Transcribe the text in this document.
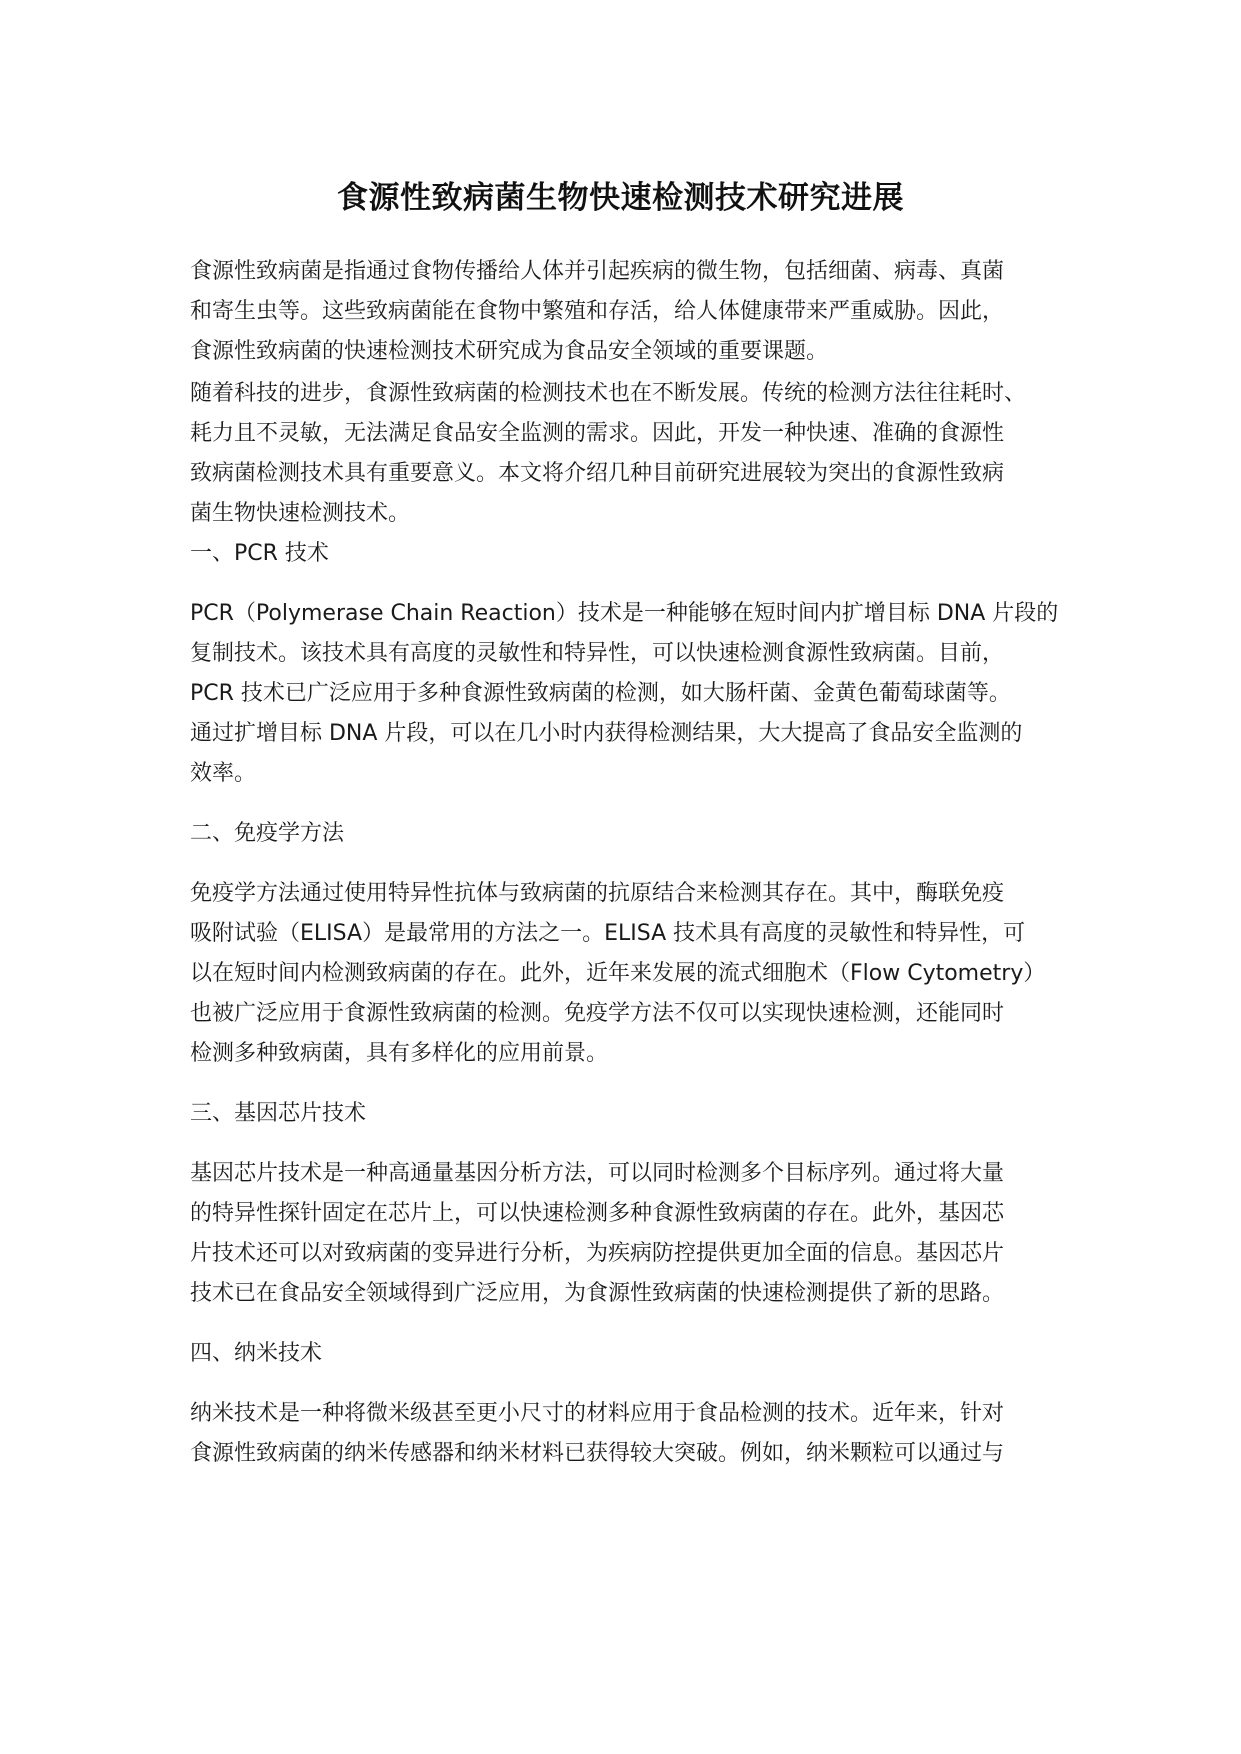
食源性致病菌生物快速检测技术研究进展
食源性致病菌是指通过食物传播给人体并引起疾病的微生物，包括细菌、病毒、真菌
和寄生虫等。这些致病菌能在食物中繁殖和存活，给人体健康带来严重威胁。因此，
食源性致病菌的快速检测技术研究成为食品安全领域的重要课题。
随着科技的进步，食源性致病菌的检测技术也在不断发展。传统的检测方法往往耗时、
耗力且不灵敏，无法满足食品安全监测的需求。因此，开发一种快速、准确的食源性
致病菌检测技术具有重要意义。本文将介绍几种目前研究进展较为突出的食源性致病
菌生物快速检测技术。
一、PCR 技术
PCR（Polymerase Chain Reaction）技术是一种能够在短时间内扩增目标 DNA 片段的
复制技术。该技术具有高度的灵敏性和特异性，可以快速检测食源性致病菌。目前，
PCR 技术已广泛应用于多种食源性致病菌的检测，如大肠杆菌、金黄色葡萄球菌等。
通过扩增目标 DNA 片段，可以在几小时内获得检测结果，大大提高了食品安全监测的
效率。
二、免疫学方法
免疫学方法通过使用特异性抗体与致病菌的抗原结合来检测其存在。其中，酶联免疫
吸附试验（ELISA）是最常用的方法之一。ELISA 技术具有高度的灵敏性和特异性，可
以在短时间内检测致病菌的存在。此外，近年来发展的流式细胞术（Flow Cytometry）
也被广泛应用于食源性致病菌的检测。免疫学方法不仅可以实现快速检测，还能同时
检测多种致病菌，具有多样化的应用前景。
三、基因芯片技术
基因芯片技术是一种高通量基因分析方法，可以同时检测多个目标序列。通过将大量
的特异性探针固定在芯片上，可以快速检测多种食源性致病菌的存在。此外，基因芯
片技术还可以对致病菌的变异进行分析，为疾病防控提供更加全面的信息。基因芯片
技术已在食品安全领域得到广泛应用，为食源性致病菌的快速检测提供了新的思路。
四、纳米技术
纳米技术是一种将微米级甚至更小尺寸的材料应用于食品检测的技术。近年来，针对
食源性致病菌的纳米传感器和纳米材料已获得较大突破。例如，纳米颗粒可以通过与
